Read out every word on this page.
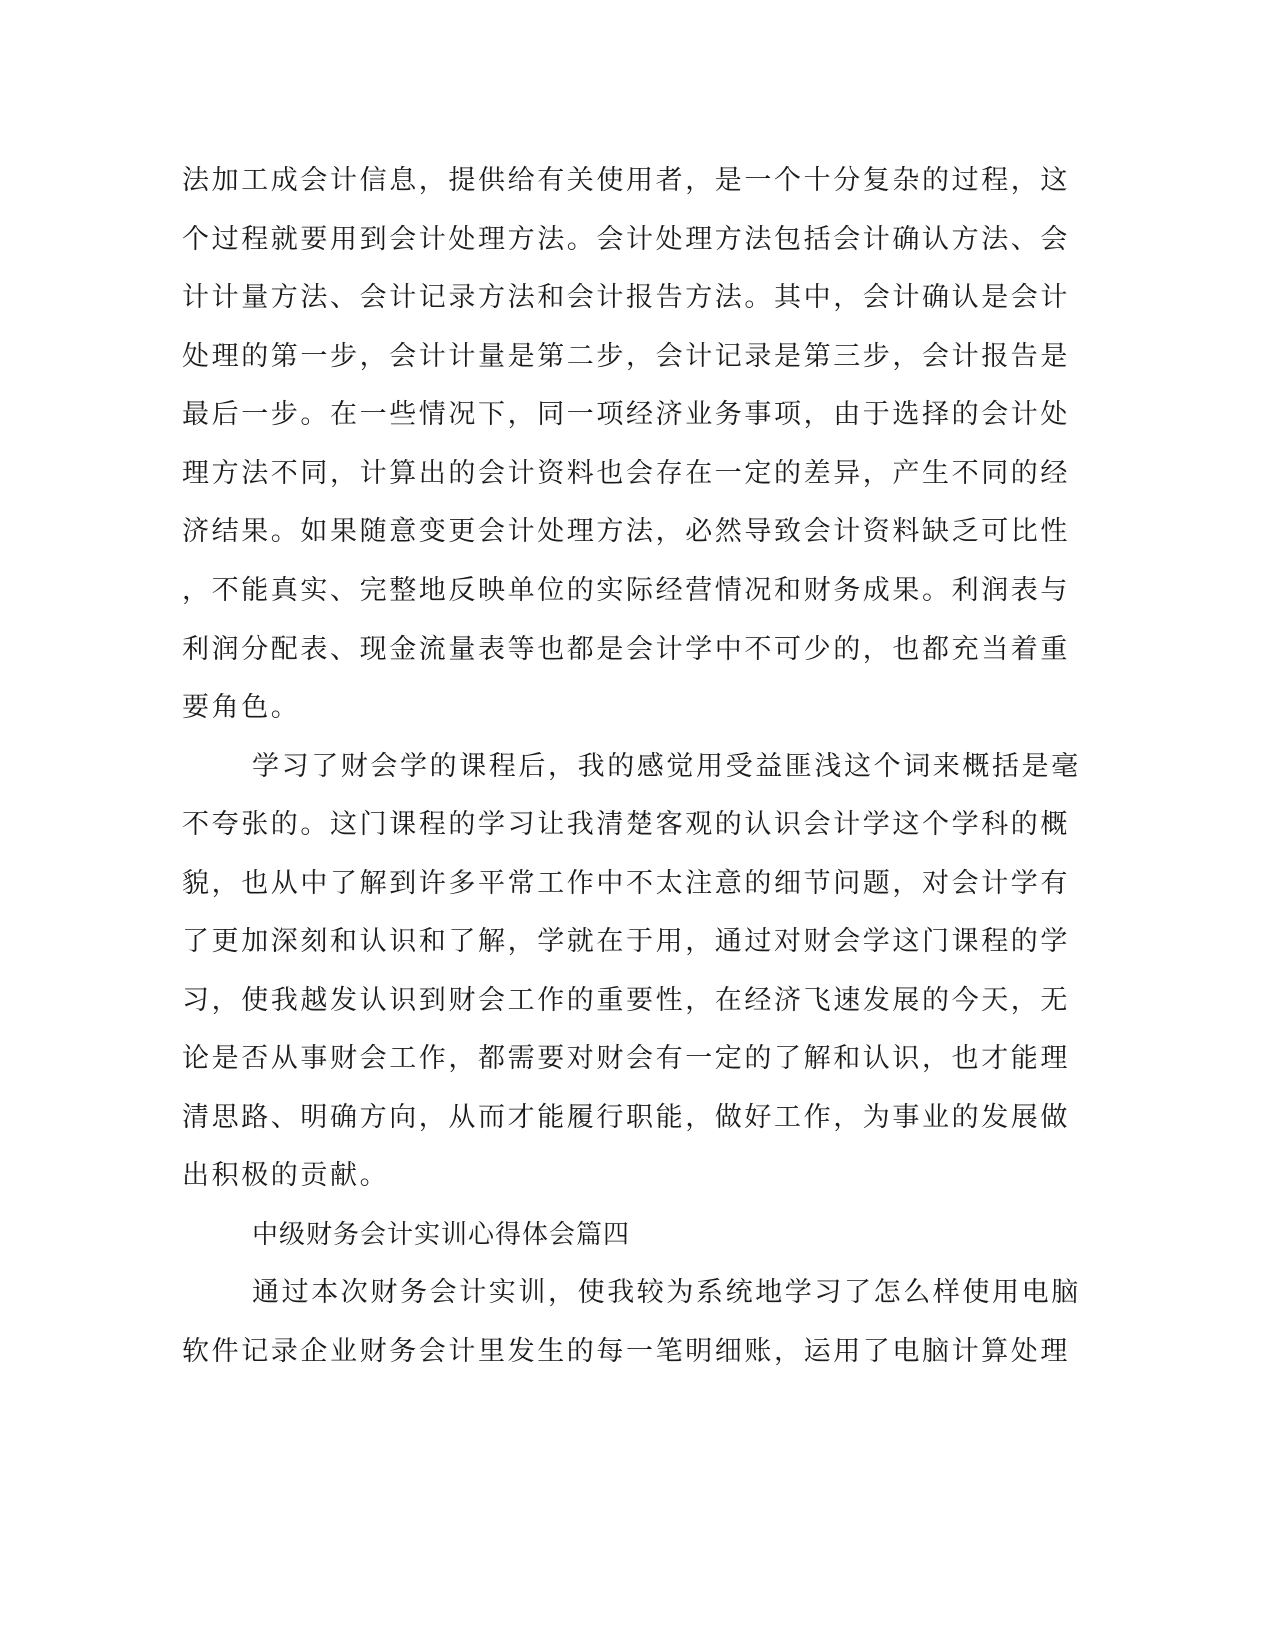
法加工成会计信息，提供给有关使用者，是一个十分复杂的过程，这

个过程就要用到会计处理方法。会计处理方法包括会计确认方法、会

计计量方法、会计记录方法和会计报告方法。其中，会计确认是会计

处理的第一步，会计计量是第二步，会计记录是第三步，会计报告是

最后一步。在一些情况下，同一项经济业务事项，由于选择的会计处

理方法不同，计算出的会计资料也会存在一定的差异，产生不同的经

济结果。如果随意变更会计处理方法，必然导致会计资料缺乏可比性

，不能真实、完整地反映单位的实际经营情况和财务成果。利润表与

利润分配表、现金流量表等也都是会计学中不可少的，也都充当着重

要角色。

学习了财会学的课程后，我的感觉用受益匪浅这个词来概括是毫

不夸张的。这门课程的学习让我清楚客观的认识会计学这个学科的概

貌，也从中了解到许多平常工作中不太注意的细节问题，对会计学有

了更加深刻和认识和了解，学就在于用，通过对财会学这门课程的学

习，使我越发认识到财会工作的重要性，在经济飞速发展的今天，无

论是否从事财会工作，都需要对财会有一定的了解和认识，也才能理

清思路、明确方向，从而才能履行职能，做好工作，为事业的发展做

出积极的贡献。

中级财务会计实训心得体会篇四

通过本次财务会计实训，使我较为系统地学习了怎么样使用电脑

软件记录企业财务会计里发生的每一笔明细账，运用了电脑计算处理
